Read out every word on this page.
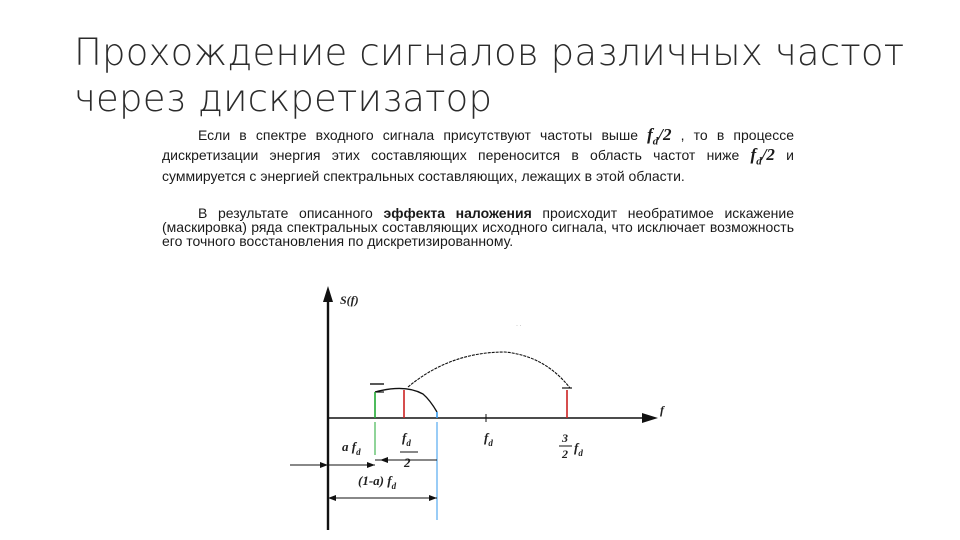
Прохождение сигналов различных частот
через дискретизатор
Если в спектре входного сигнала присутствуют частоты выше $f_d/2$ , то в процессе дискретизации энергия этих составляющих переносится в область частот ниже $f_d/2$ и суммируется с энергией спектральных составляющих, лежащих в этой области.
В результате описанного эффекта наложения происходит необратимое искажение (маскировка) ряда спектральных составляющих исходного сигнала, что исключает возможность его точного восстановления по дискретизированному.
S(f)
f
· ·
a $f_d$
$f_d$
2
$f_d$	3
2 $f_d$
(1-a) $f_d$
